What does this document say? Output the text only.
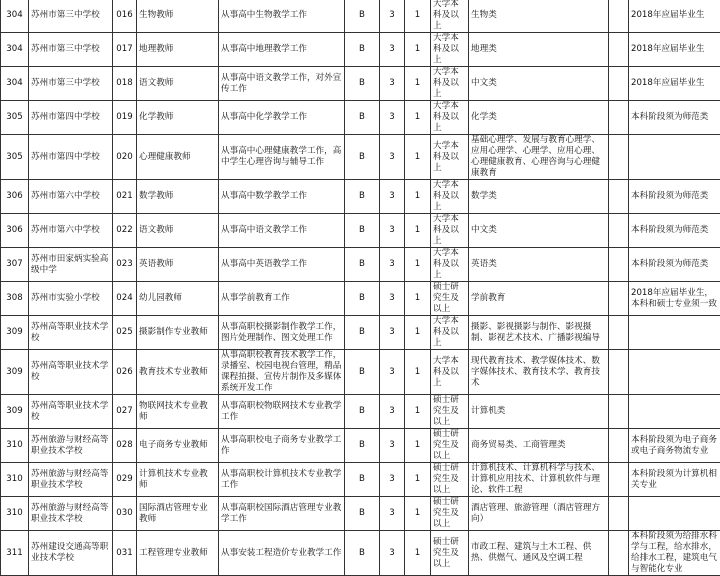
304	苏州市第三中学校	016	生物教师	从事高中生物教学工作	B	3	1	大学本科及以上	生物类		2018年应届毕业生
304	苏州市第三中学校	017	地理教师	从事高中地理教学工作	B	3	1	大学本科及以上	地理类		2018年应届毕业生
304	苏州市第三中学校	018	语文教师	从事高中语文教学工作，对外宣传工作	B	3	1	大学本科及以上	中文类		2018年应届毕业生
305	苏州市第四中学校	019	化学教师	从事高中化学教学工作	B	3	1	大学本科及以上	化学类		本科阶段须为师范类
305	苏州市第四中学校	020	心理健康教师	从事高中心理健康教学工作，高中学生心理咨询与辅导工作	B	3	1	大学本科及以上	基础心理学、发展与教育心理学、应用心理学、心理学、应用心理、心理健康教育、心理咨询与心理健康教育		
306	苏州市第六中学校	021	数学教师	从事高中数学教学工作	B	3	1	大学本科及以上	数学类		本科阶段须为师范类
306	苏州市第六中学校	022	语文教师	从事高中语文教学工作	B	3	1	大学本科及以上	中文类		本科阶段须为师范类
307	苏州市田家炳实验高级中学	023	英语教师	从事高中英语教学工作	B	3	1	大学本科及以上	英语类		本科阶段须为师范类
308	苏州市实验小学校	024	幼儿园教师	从事学前教育工作	B	3	1	硕士研究生及以上	学前教育		2018年应届毕业生，本科和硕士专业须一致
309	苏州高等职业技术学校	025	摄影制作专业教师	从事高职校摄影制作教学工作，图片处理制作、图文处理工作	B	3	1	大学本科及以上	摄影、影视摄影与制作、影视摄制、影视艺术技术、广播影视编导		
309	苏州高等职业技术学校	026	教育技术专业教师	从事高职校教育技术教学工作，录播室、校园电视台管理，精品课程拍摄、宣传片制作及多媒体系统开发工作	B	3	1	大学本科及以上	现代教育技术、教学媒体技术、数字媒体技术、教育技术学、教育技术		
309	苏州高等职业技术学校	027	物联网技术专业教师	从事高职校物联网技术专业教学工作	B	3	1	硕士研究生及以上	计算机类		
310	苏州旅游与财经高等职业技术学校	028	电子商务专业教师	从事高职校电子商务专业教学工作	B	3	1	硕士研究生及以上	商务贸易类、工商管理类		本科阶段须为电子商务或电子商务物流专业
310	苏州旅游与财经高等职业技术学校	029	计算机技术专业教师	从事高职校计算机技术专业教学工作	B	3	1	硕士研究生及以上	计算机技术、计算机科学与技术、计算机应用技术、计算机软件与理论、软件工程		本科阶段须为计算机相关专业
310	苏州旅游与财经高等职业技术学校	030	国际酒店管理专业教师	从事高职校国际酒店管理专业教学工作	B	3	1	硕士研究生及以上	酒店管理、旅游管理（酒店管理方向）		
311	苏州建设交通高等职业技术学校	031	工程管理专业教师	从事安装工程造价专业教学工作	B	3	1	硕士研究生及以上	市政工程、建筑与土木工程、供热、供燃气、通风及空调工程		本科阶段须为给排水科学与工程，给水排水，给排水工程，建筑电气与智能化专业
